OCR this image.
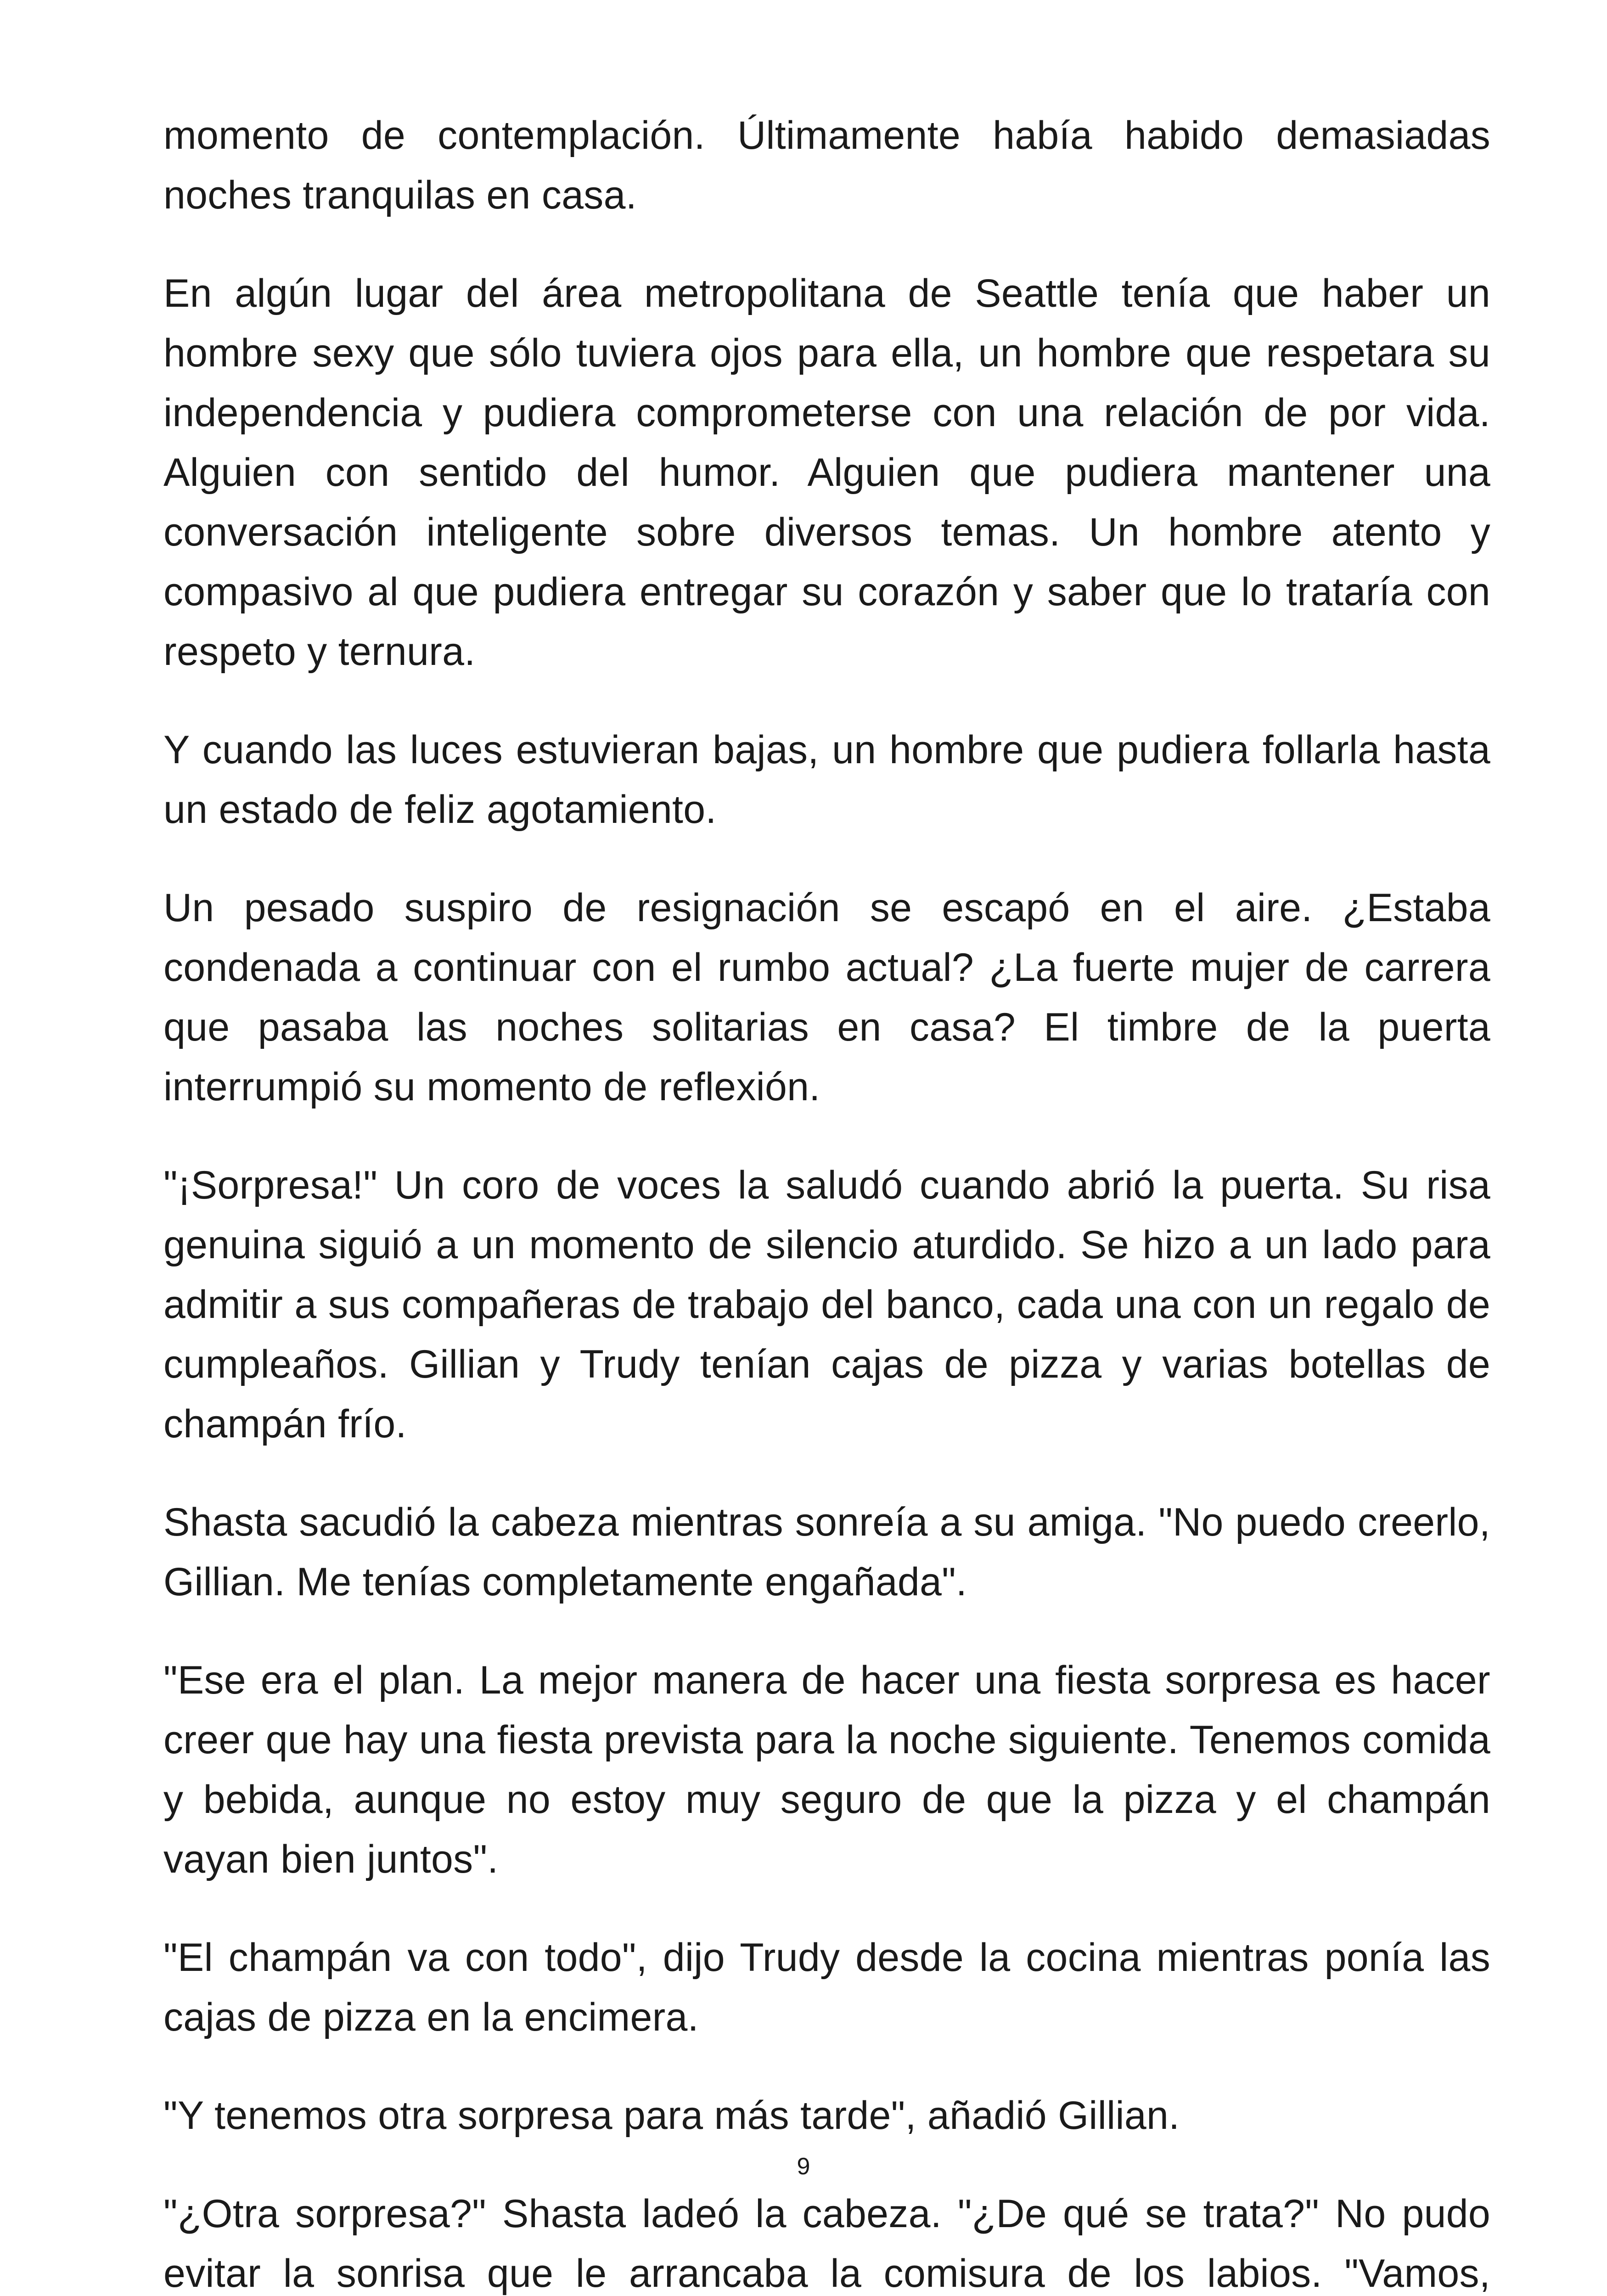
momento de contemplación. Últimamente había habido demasiadas noches tranquilas en casa.

En algún lugar del área metropolitana de Seattle tenía que haber un hombre sexy que sólo tuviera ojos para ella, un hombre que respetara su independencia y pudiera comprometerse con una relación de por vida. Alguien con sentido del humor. Alguien que pudiera mantener una conversación inteligente sobre diversos temas. Un hombre atento y compasivo al que pudiera entregar su corazón y saber que lo trataría con respeto y ternura.

Y cuando las luces estuvieran bajas, un hombre que pudiera follarla hasta un estado de feliz agotamiento.

Un pesado suspiro de resignación se escapó en el aire. ¿Estaba condenada a continuar con el rumbo actual? ¿La fuerte mujer de carrera que pasaba las noches solitarias en casa? El timbre de la puerta interrumpió su momento de reflexión.

"¡Sorpresa!" Un coro de voces la saludó cuando abrió la puerta. Su risa genuina siguió a un momento de silencio aturdido. Se hizo a un lado para admitir a sus compañeras de trabajo del banco, cada una con un regalo de cumpleaños. Gillian y Trudy tenían cajas de pizza y varias botellas de champán frío.

Shasta sacudió la cabeza mientras sonreía a su amiga. "No puedo creerlo, Gillian. Me tenías completamente engañada".

"Ese era el plan. La mejor manera de hacer una fiesta sorpresa es hacer creer que hay una fiesta prevista para la noche siguiente. Tenemos comida y bebida, aunque no estoy muy seguro de que la pizza y el champán vayan bien juntos".

"El champán va con todo", dijo Trudy desde la cocina mientras ponía las cajas de pizza en la encimera.

"Y tenemos otra sorpresa para más tarde", añadió Gillian.

"¿Otra sorpresa?" Shasta ladeó la cabeza. "¿De qué se trata?" No pudo evitar la sonrisa que le arrancaba la comisura de los labios. "Vamos,

9
